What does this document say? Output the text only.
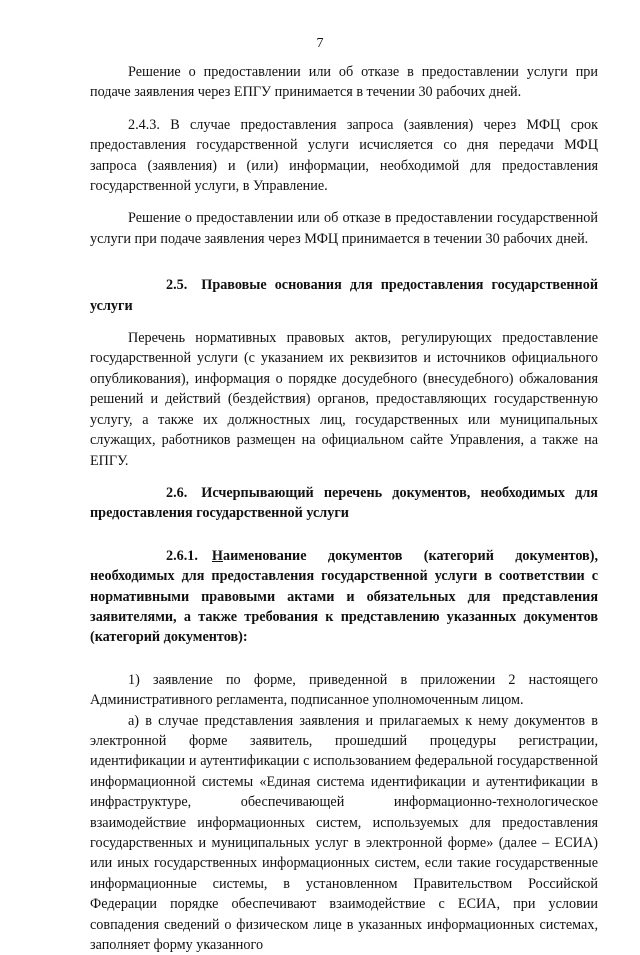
7

Решение о предоставлении или об отказе в предоставлении услуги при подаче заявления через ЕПГУ принимается в течении 30 рабочих дней.

2.4.3. В случае предоставления запроса (заявления) через МФЦ срок предоставления государственной услуги исчисляется со дня передачи МФЦ запроса (заявления) и (или) информации, необходимой для предоставления государственной услуги, в Управление.

Решение о предоставлении или об отказе в предоставлении государственной услуги при подаче заявления через МФЦ принимается в течении 30 рабочих дней.

2.5. Правовые основания для предоставления государственной услуги

Перечень нормативных правовых актов, регулирующих предоставление государственной услуги (с указанием их реквизитов и источников официального опубликования), информация о порядке досудебного (внесудебного) обжалования решений и действий (бездействия) органов, предоставляющих государственную услугу, а также их должностных лиц, государственных или муниципальных служащих, работников размещен на официальном сайте Управления, а также на ЕПГУ.

2.6. Исчерпывающий перечень документов, необходимых для предоставления государственной услуги

2.6.1. Наименование документов (категорий документов), необходимых для предоставления государственной услуги в соответствии с нормативными правовыми актами и обязательных для представления заявителями, а также требования к представлению указанных документов (категорий документов):

1) заявление по форме, приведенной в приложении 2 настоящего Административного регламента, подписанное уполномоченным лицом.

а) в случае представления заявления и прилагаемых к нему документов в электронной форме заявитель, прошедший процедуры регистрации, идентификации и аутентификации с использованием федеральной государственной информационной системы «Единая система идентификации и аутентификации в инфраструктуре, обеспечивающей информационно-технологическое взаимодействие информационных систем, используемых для предоставления государственных и муниципальных услуг в электронной форме» (далее – ЕСИА) или иных государственных информационных систем, если такие государственные информационные системы, в установленном Правительством Российской Федерации порядке обеспечивают взаимодействие с ЕСИА, при условии совпадения сведений о физическом лице в указанных информационных системах, заполняет форму указанного
